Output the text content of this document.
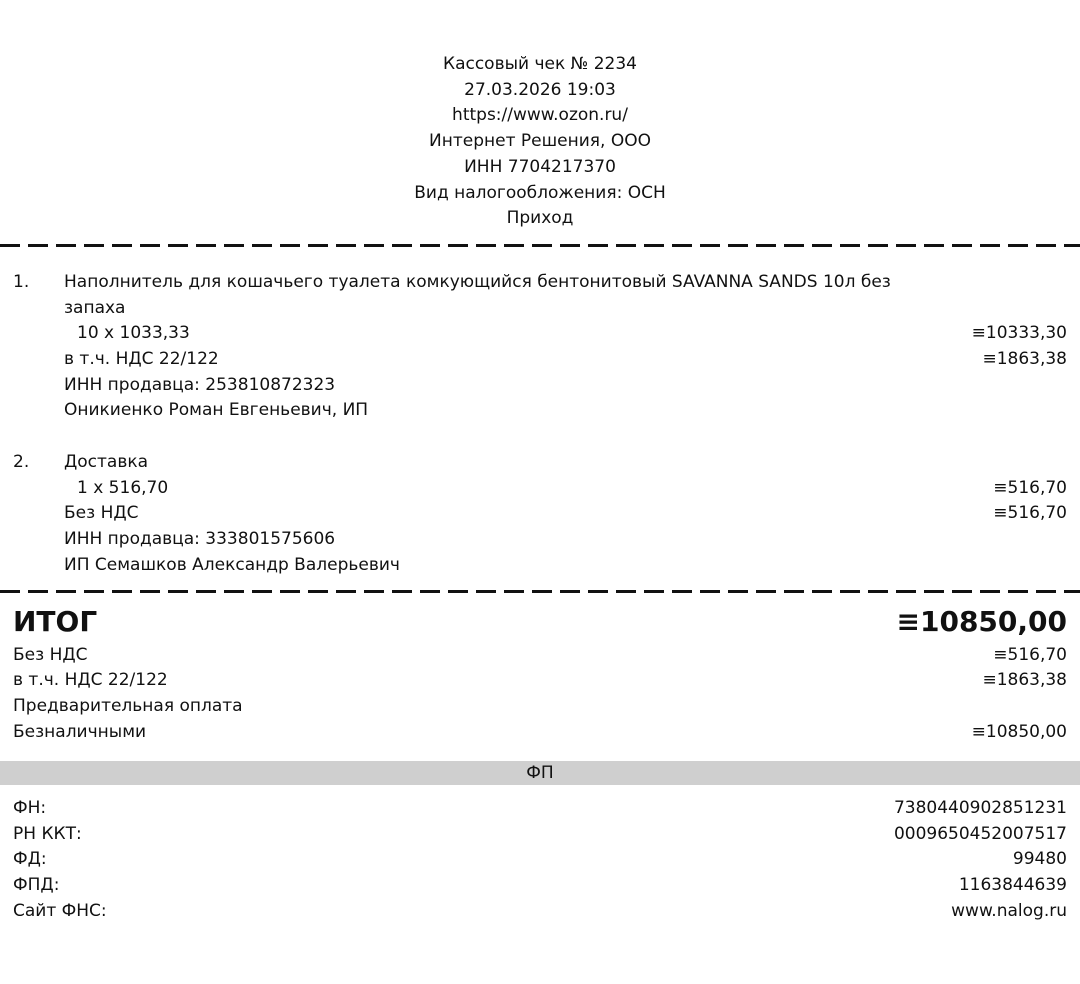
Кассовый чек № 2234
27.03.2026 19:03
https://www.ozon.ru/
Интернет Решения, ООО
ИНН 7704217370
Вид налогообложения: ОСН
Приход
1. Наполнитель для кошачьего туалета комкующийся бентонитовый SAVANNA SANDS 10л без
запаха
10 x 1033,33	≡10333,30
в т.ч. НДС 22/122	≡1863,38
ИНН продавца: 253810872323
Оникиенко Роман Евгеньевич, ИП
2. Доставка
1 x 516,70	≡516,70
Без НДС	≡516,70
ИНН продавца: 333801575606
ИП Семашков Александр Валерьевич
ИТОГ	≡10850,00
Без НДС	≡516,70
в т.ч. НДС 22/122	≡1863,38
Предварительная оплата
Безналичными	≡10850,00
ФП
ФН:	7380440902851231
РН ККТ:	0009650452007517
ФД:	99480
ФПД:	1163844639
Сайт ФНС:	www.nalog.ru
